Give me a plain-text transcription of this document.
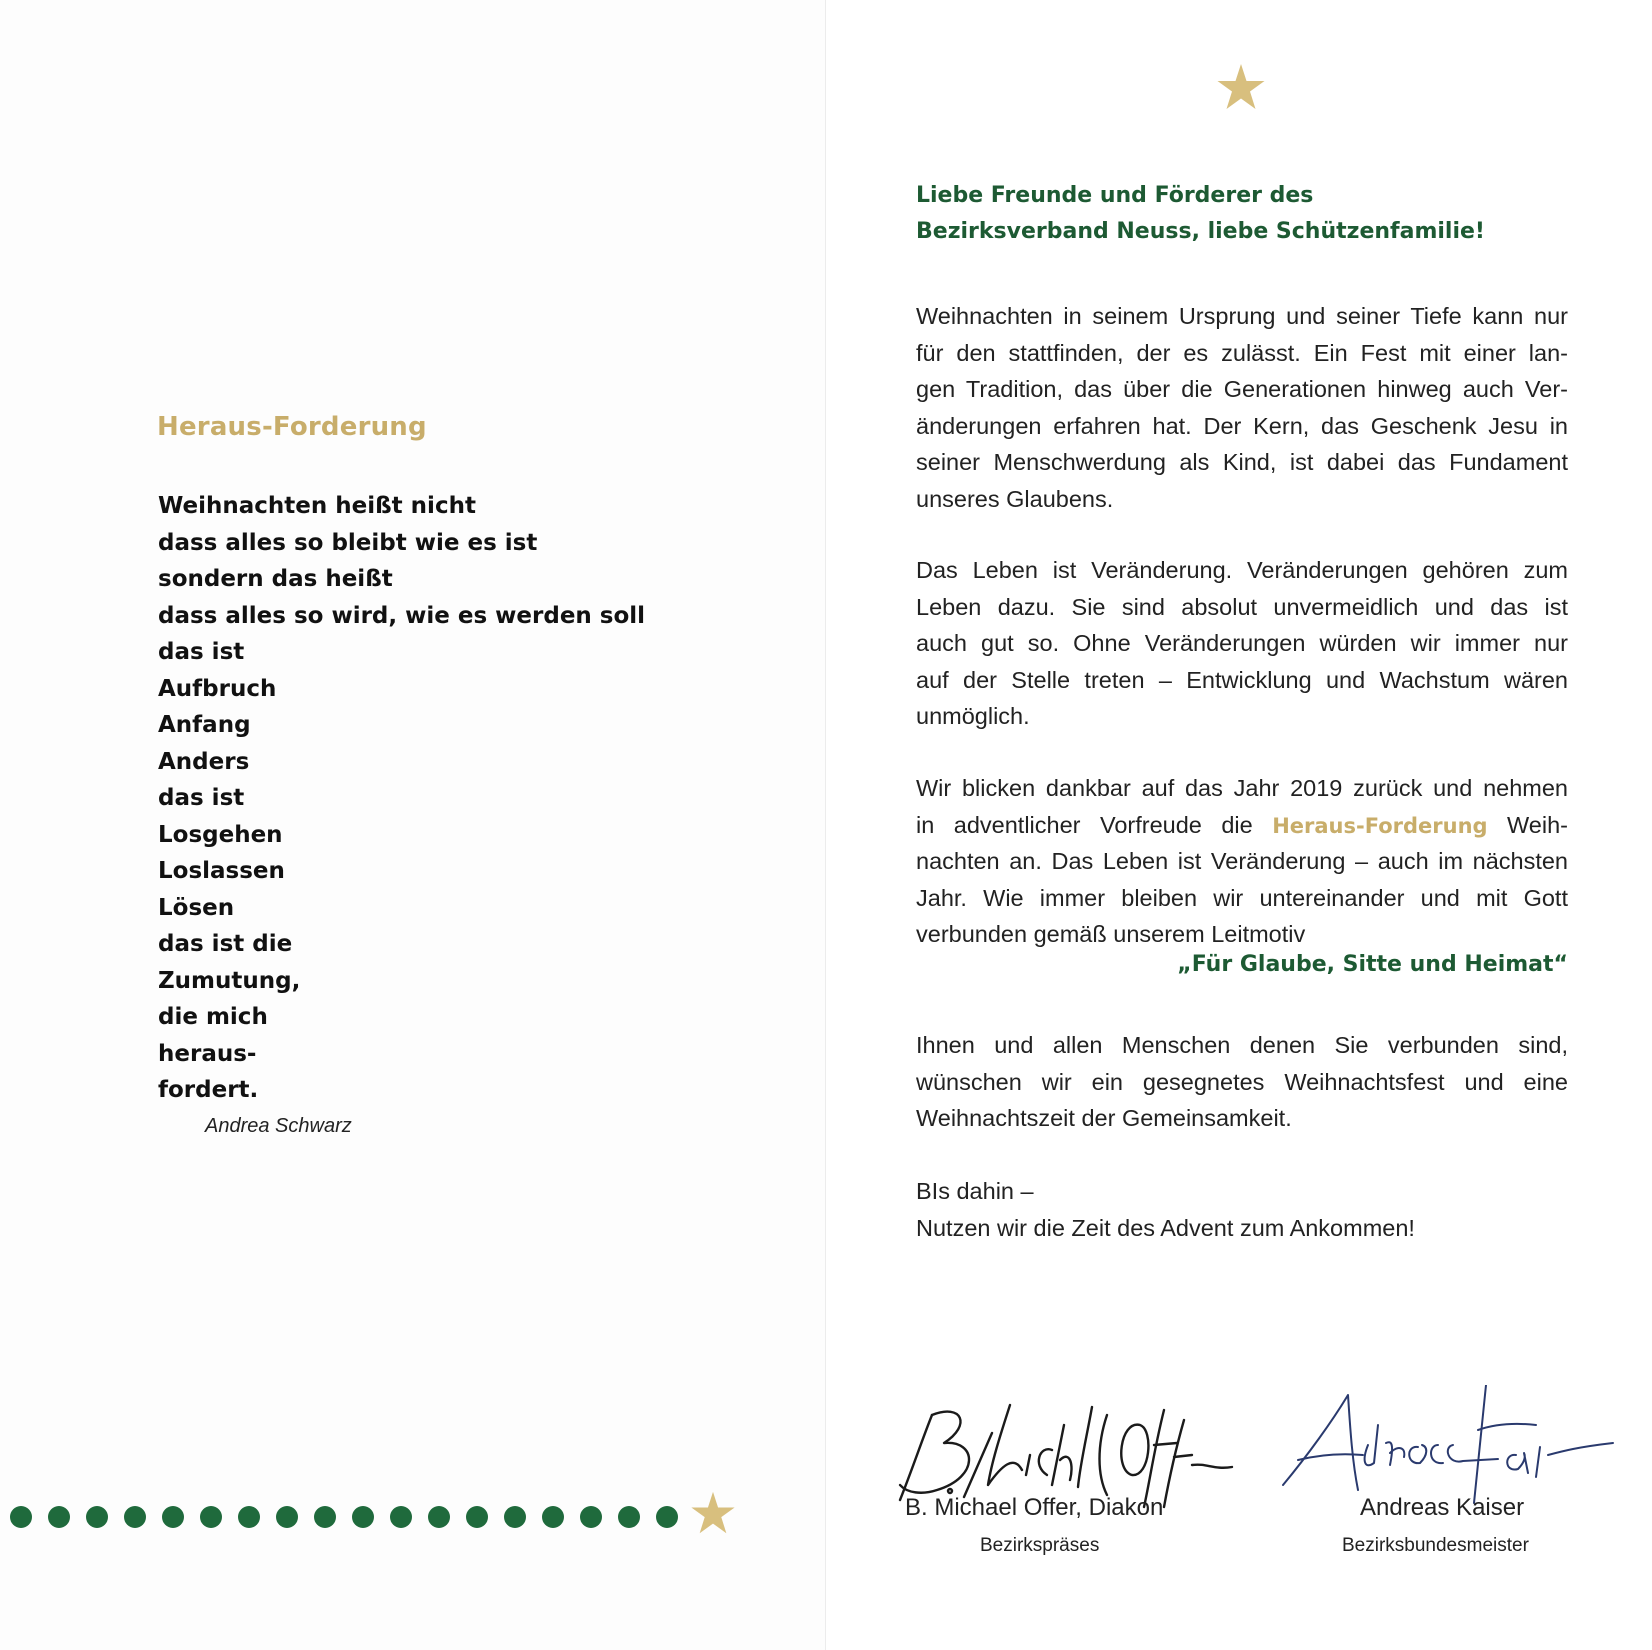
Liebe Freunde und Förderer des
Bezirksverband Neuss, liebe Schützenfamilie!
Heraus-Forderung
Weihnachten heißt nicht
dass alles so bleibt wie es ist
sondern das heißt
dass alles so wird, wie es werden soll
das ist
Aufbruch
Anfang
Anders
das ist
Losgehen
Loslassen
Lösen
das ist die
Zumutung,
die mich
heraus-
fordert.
Andrea Schwarz
Weihnachten in seinem Ursprung und seiner Tiefe kann nur
für den stattfinden, der es zulässt. Ein Fest mit einer lan-
gen Tradition, das über die Generationen hinweg auch Ver-
änderungen erfahren hat. Der Kern, das Geschenk Jesu in
seiner Menschwerdung als Kind, ist dabei das Fundament
unseres Glaubens.
Das Leben ist Veränderung. Veränderungen gehören zum
Leben dazu. Sie sind absolut unvermeidlich und das ist
auch gut so. Ohne Veränderungen würden wir immer nur
auf der Stelle treten – Entwicklung und Wachstum wären
unmöglich.
Wir blicken dankbar auf das Jahr 2019 zurück und nehmen
in adventlicher Vorfreude die Heraus-Forderung Weih-
nachten an. Das Leben ist Veränderung – auch im nächsten
Jahr. Wie immer bleiben wir untereinander und mit Gott
verbunden gemäß unserem Leitmotiv
„Für Glaube, Sitte und Heimat“
Ihnen und allen Menschen denen Sie verbunden sind,
wünschen wir ein gesegnetes Weihnachtsfest und eine
Weihnachtszeit der Gemeinsamkeit.
BIs dahin –
Nutzen wir die Zeit des Advent zum Ankommen!
B. Michael Offer, Diakon
Bezirkspräses
Andreas Kaiser
Bezirksbundesmeister
